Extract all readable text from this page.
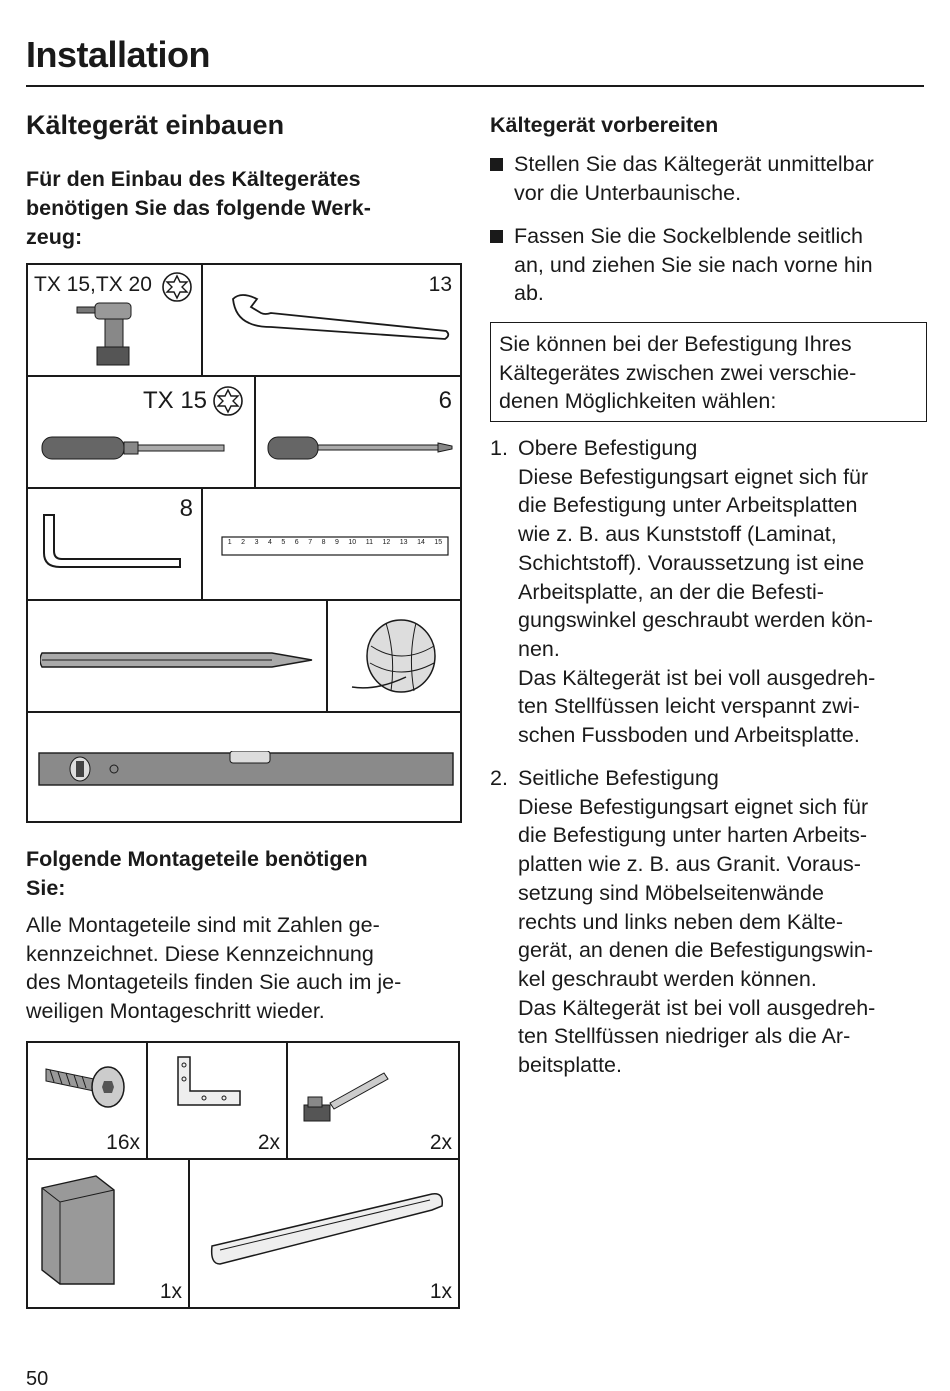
Installation
Kältegerät einbauen
Für den Einbau des Kältegerätes
benötigen Sie das folgende Werk-
zeug:
TX 15,TX 20	13
TX 15	6
8
1 2 3 4 5 6 7 8 9 10 11 12 13 14 15
Folgende Montageteile benötigen
Sie:
Alle Montageteile sind mit Zahlen ge-
kennzeichnet. Diese Kennzeichnung
des Montageteils finden Sie auch im je-
weiligen Montageschritt wieder.
16x	2x	2x
1x	1x
50
Kältegerät vorbereiten
Stellen Sie das Kältegerät unmittelbar
vor die Unterbaunische.
Fassen Sie die Sockelblende seitlich
an, und ziehen Sie sie nach vorne hin
ab.
Sie können bei der Befestigung Ihres
Kältegerätes zwischen zwei verschie-
denen Möglichkeiten wählen:
1. Obere Befestigung
Diese Befestigungsart eignet sich für
die Befestigung unter Arbeitsplatten
wie z. B. aus Kunststoff (Laminat,
Schichtstoff). Voraussetzung ist eine
Arbeitsplatte, an der die Befesti-
gungswinkel geschraubt werden kön-
nen.
Das Kältegerät ist bei voll ausgedreh-
ten Stellfüssen leicht verspannt zwi-
schen Fussboden und Arbeitsplatte.
2. Seitliche Befestigung
Diese Befestigungsart eignet sich für
die Befestigung unter harten Arbeits-
platten wie z. B. aus Granit. Voraus-
setzung sind Möbelseitenwände
rechts und links neben dem Kälte-
gerät, an denen die Befestigungswin-
kel geschraubt werden können.
Das Kältegerät ist bei voll ausgedreh-
ten Stellfüssen niedriger als die Ar-
beitsplatte.
